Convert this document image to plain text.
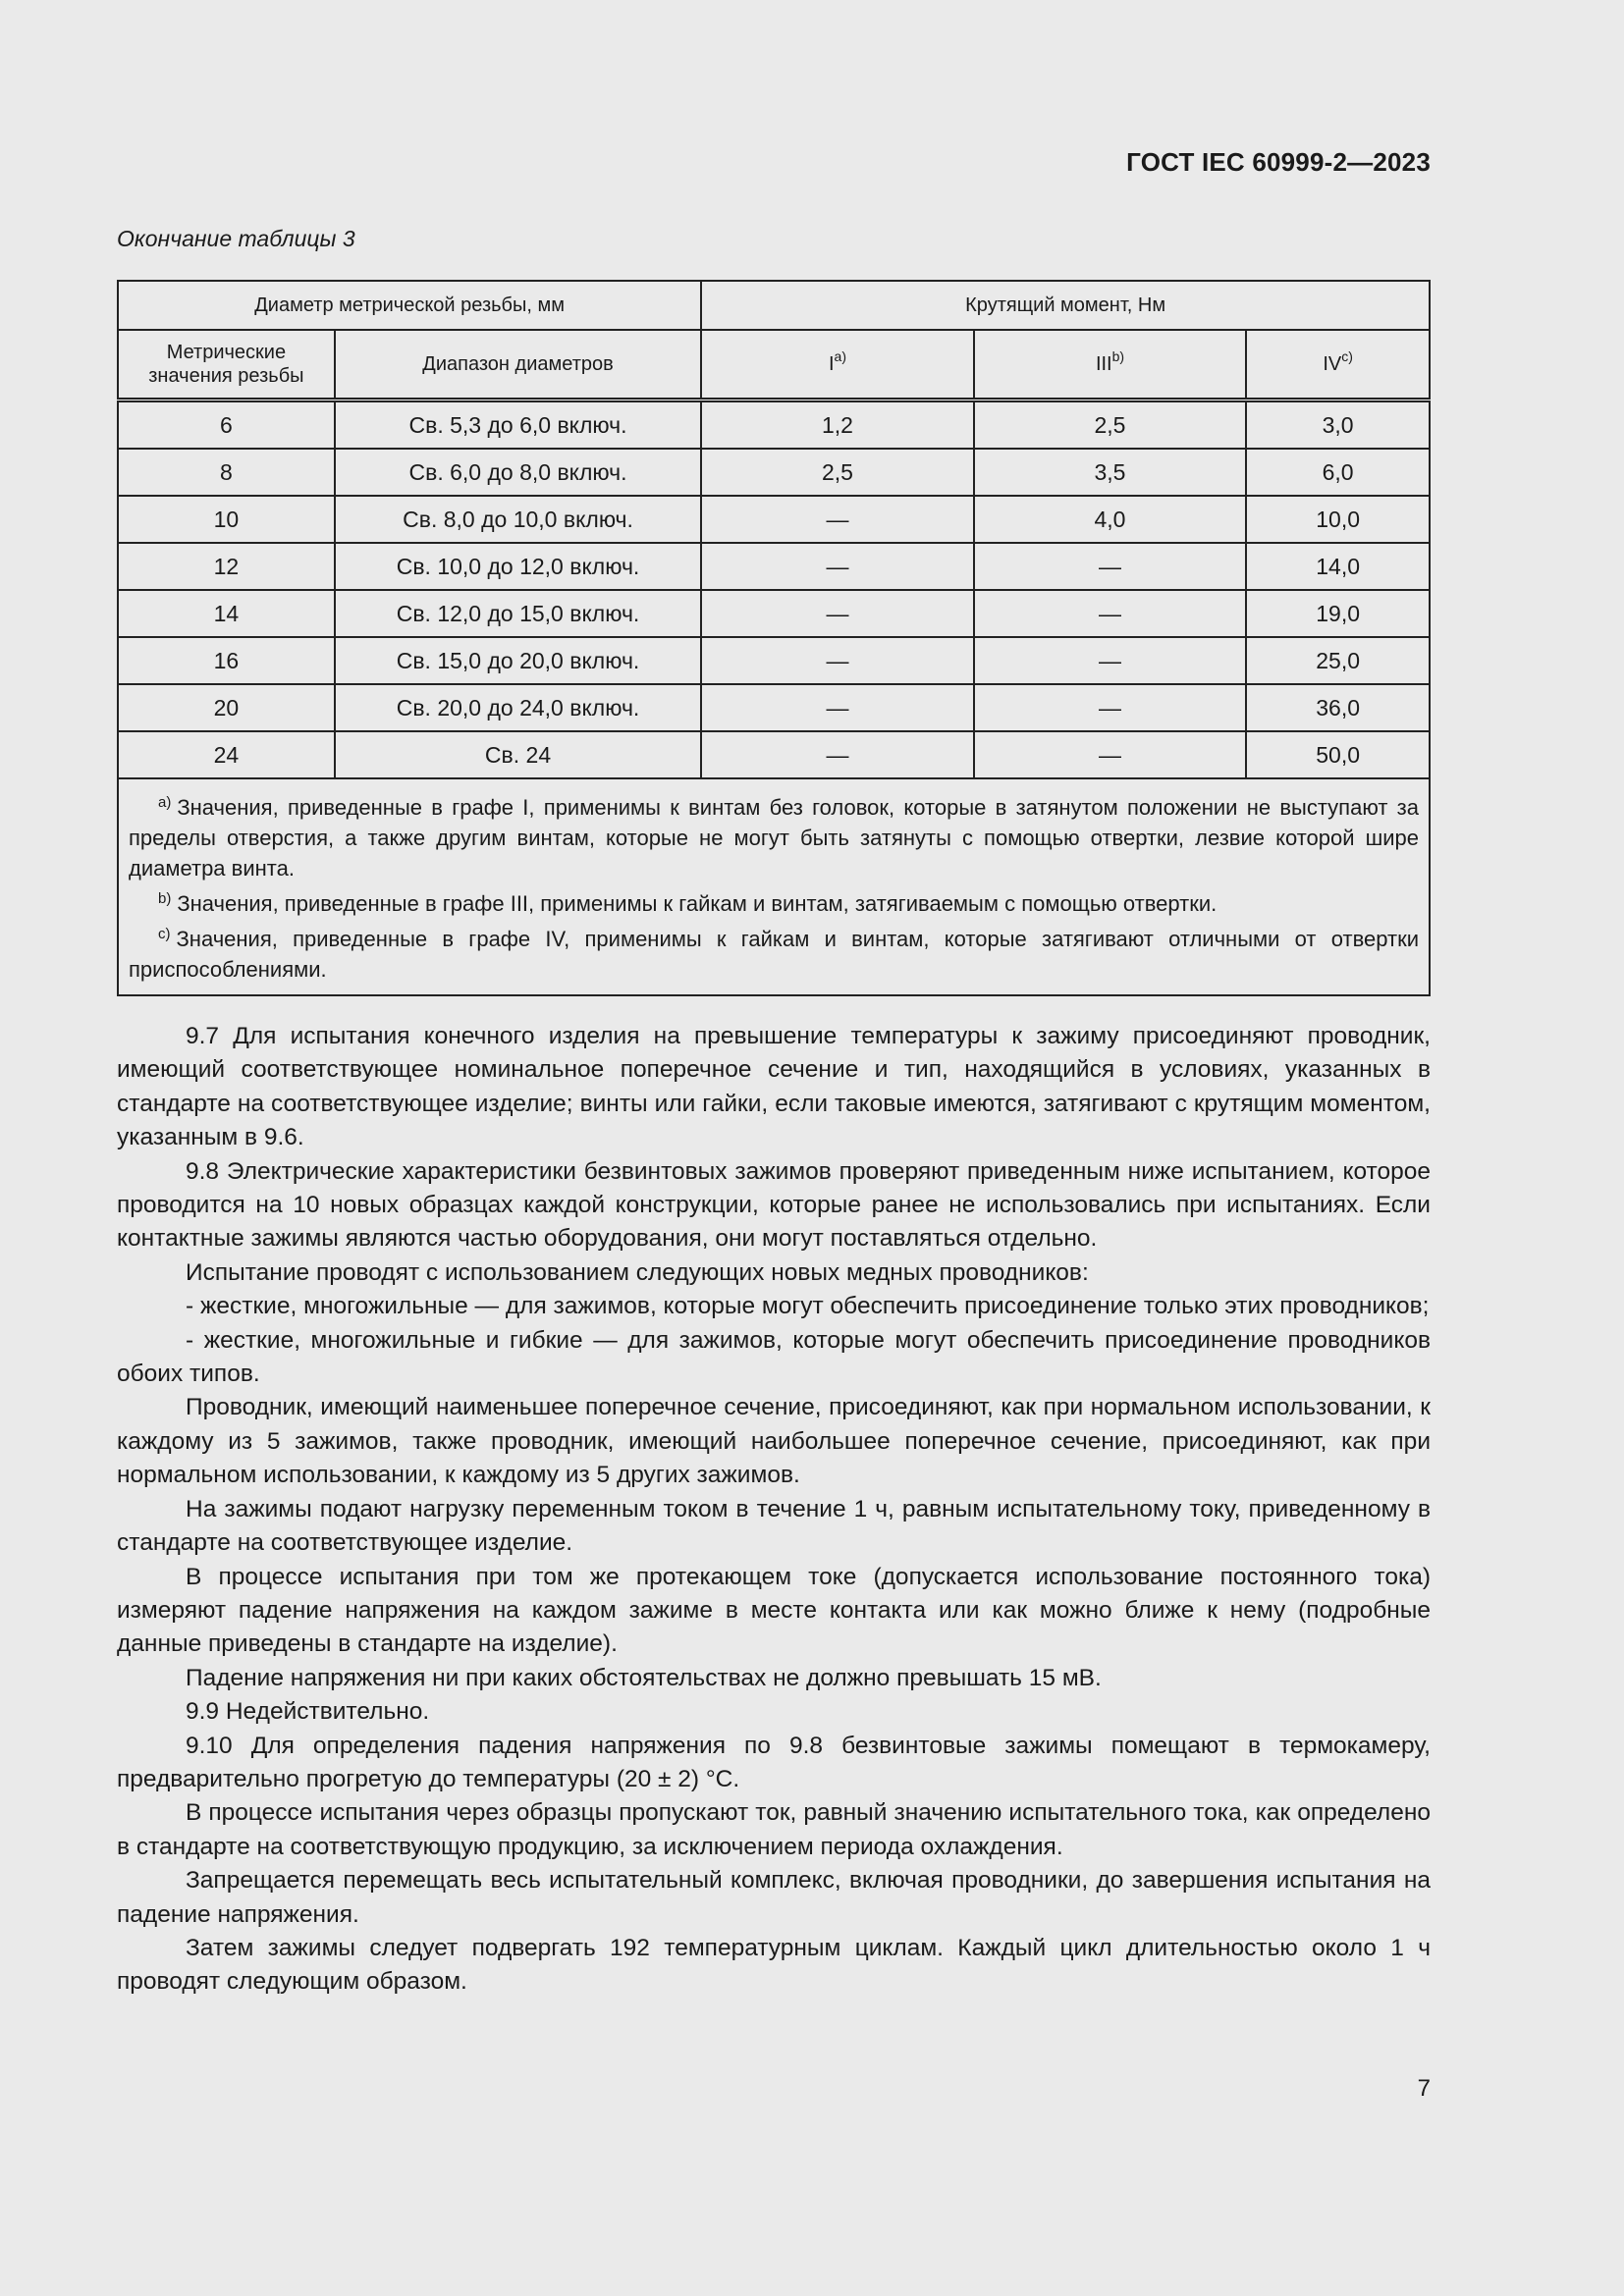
ГОСТ IEC 60999-2—2023
Окончание таблицы 3
Диаметр метрической резьбы, мм		Крутящий момент, Нм		
Метрические значения резьбы	Диапазон диаметров	$I^{a)}$	III$^{b)}$	IV$^{c)}$
6	Св. 5,3 до 6,0 включ.	1,2	2,5	3,0
8	Св. 6,0 до 8,0 включ.	2,5	3,5	6,0
10	Св. 8,0 до 10,0 включ.	—	4,0	10,0
12	Св. 10,0 до 12,0 включ.	—	—	14,0
14	Св. 12,0 до 15,0 включ.	—	—	19,0
16	Св. 15,0 до 20,0 включ.	—	—	25,0
20	Св. 20,0 до 24,0 включ.	—	—	36,0
24	Св. 24	—	—	50,0

$^{a)}$ Значения, приведенные в графе I, применимы к винтам без головок, которые в затянутом положении не выступают за пределы отверстия, а также другим винтам, которые не могут быть затянуты с помощью отвертки, лезвие которой шире диаметра винта.
$^{b)}$ Значения, приведенные в графе III, применимы к гайкам и винтам, затягиваемым с помощью отвертки.
$^{c)}$ Значения, приведенные в графе IV, применимы к гайкам и винтам, которые затягивают отличными от отвертки приспособлениями.				

9.7 Для испытания конечного изделия на превышение температуры к зажиму присоединяют проводник, имеющий соответствующее номинальное поперечное сечение и тип, находящийся в условиях, указанных в стандарте на соответствующее изделие; винты или гайки, если таковые имеются, затягивают с крутящим моментом, указанным в 9.6.

9.8 Электрические характеристики безвинтовых зажимов проверяют приведенным ниже испытанием, которое проводится на 10 новых образцах каждой конструкции, которые ранее не использовались при испытаниях. Если контактные зажимы являются частью оборудования, они могут поставляться отдельно.

Испытание проводят с использованием следующих новых медных проводников:

- жесткие, многожильные — для зажимов, которые могут обеспечить присоединение только этих проводников;

- жесткие, многожильные и гибкие — для зажимов, которые могут обеспечить присоединение проводников обоих типов.

Проводник, имеющий наименьшее поперечное сечение, присоединяют, как при нормальном использовании, к каждому из 5 зажимов, также проводник, имеющий наибольшее поперечное сечение, присоединяют, как при нормальном использовании, к каждому из 5 других зажимов.

На зажимы подают нагрузку переменным током в течение 1 ч, равным испытательному току, приведенному в стандарте на соответствующее изделие.

В процессе испытания при том же протекающем токе (допускается использование постоянного тока) измеряют падение напряжения на каждом зажиме в месте контакта или как можно ближе к нему (подробные данные приведены в стандарте на изделие).

Падение напряжения ни при каких обстоятельствах не должно превышать 15 мВ.

9.9 Недействительно.

9.10 Для определения падения напряжения по 9.8 безвинтовые зажимы помещают в термокамеру, предварительно прогретую до температуры (20 ± 2) °С.

В процессе испытания через образцы пропускают ток, равный значению испытательного тока, как определено в стандарте на соответствующую продукцию, за исключением периода охлаждения.

Запрещается перемещать весь испытательный комплекс, включая проводники, до завершения испытания на падение напряжения.

Затем зажимы следует подвергать 192 температурным циклам. Каждый цикл длительностью около 1 ч проводят следующим образом.

7
